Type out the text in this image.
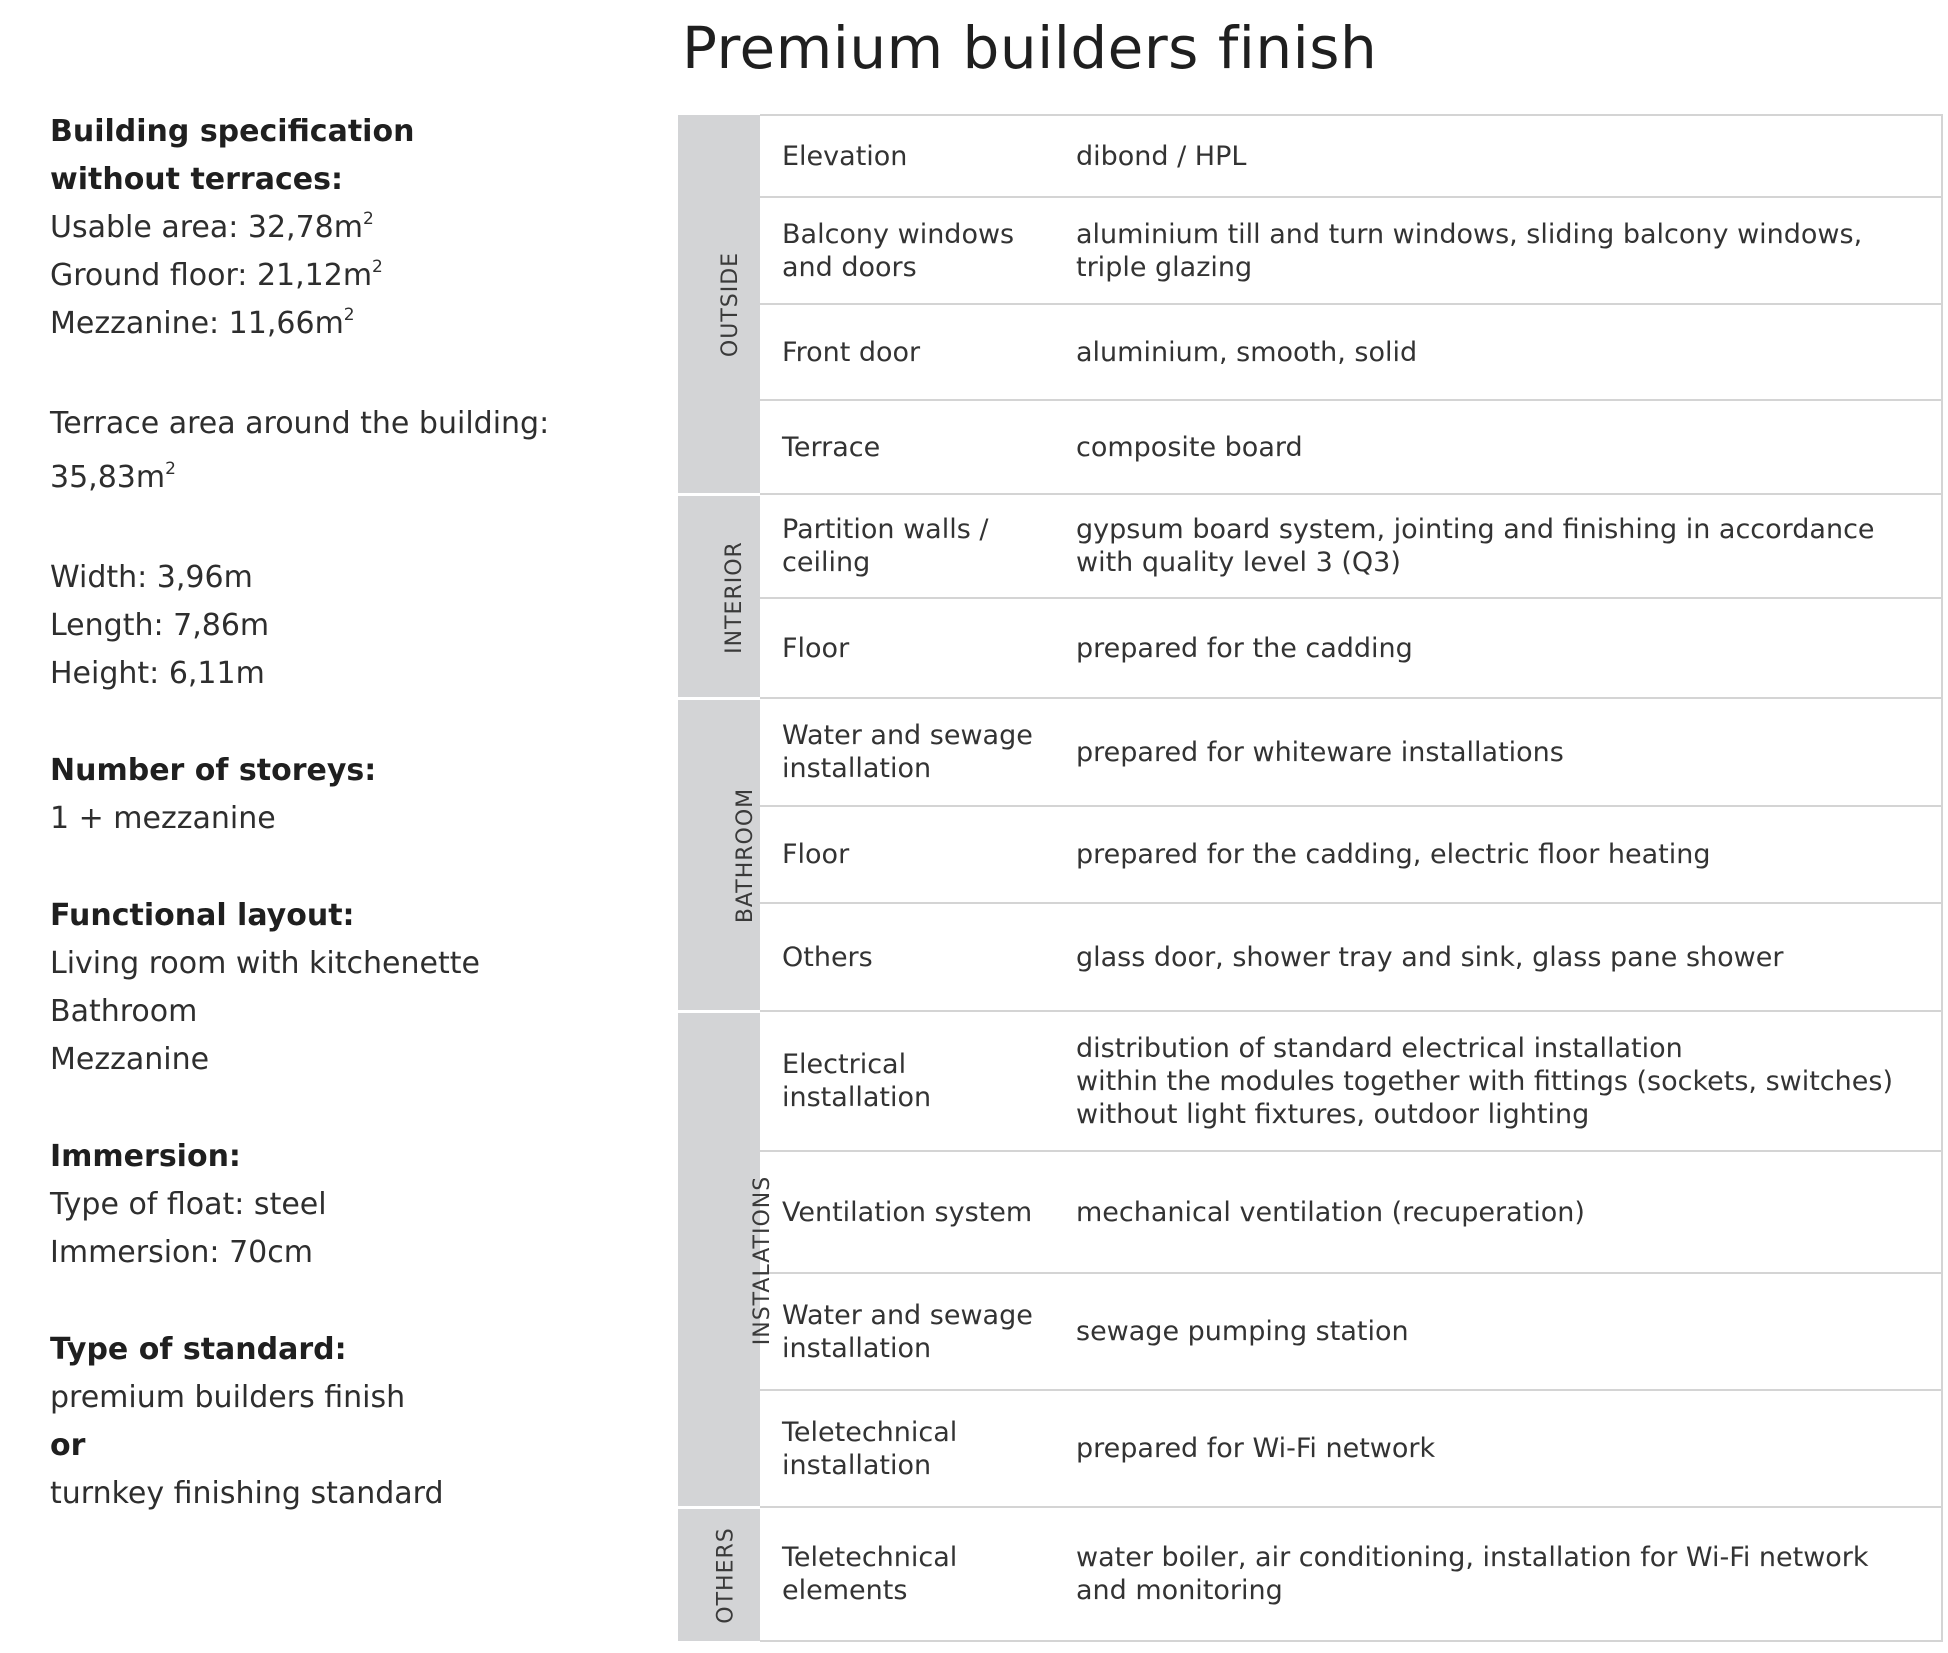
Premium builders finish
Building specification
without terraces:
Usable area: $32,78m^2$
Ground floor: $21,12m^2$
Mezzanine: $11,66m^2$
Terrace area around the building:
$35,83m^2$
Width: 3,96m
Length: 7,86m
Height: 6,11m
Number of storeys:
1 + mezzanine
Functional layout:
Living room with kitchenette
Bathroom
Mezzanine
Immersion:
Type of float: steel
Immersion: 70cm
Type of standard:
premium builders finish
or
turnkey finishing standard
OUTSIDE	Elevation	dibond / HPL

	Balcony windows and doors	aluminium till and turn windows, sliding balcony windows, triple glazing

	Front door	aluminium, smooth, solid

	Terrace	composite board

INTERIOR	Partition walls / ceiling	gypsum board system, jointing and finishing in accordance with quality level 3 (Q3)

	Floor	prepared for the cadding

BATHROOM	Water and sewage installation	prepared for whiteware installations

	Floor	prepared for the cadding, electric floor heating

	Others	glass door, shower tray and sink, glass pane shower

INSTALATIONS	Electrical installation	distribution of standard electrical installation
within the modules together with fittings (sockets, switches)
without light fixtures, outdoor lighting

	Ventilation system	mechanical ventilation (recuperation)

	Water and sewage installation	sewage pumping station

	Teletechnical installation	prepared for Wi-Fi network

OTHERS	Teletechnical elements	water boiler, air conditioning, installation for Wi-Fi network
and monitoring
